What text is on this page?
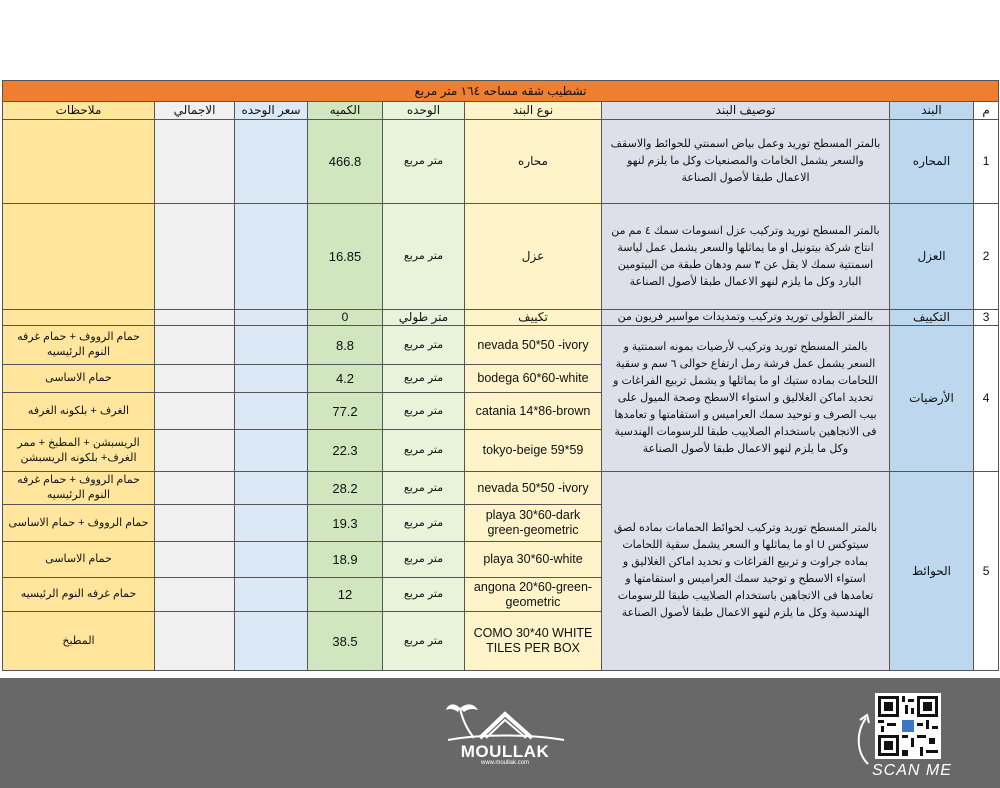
تشطيب شقه مساحه ١٦٤ متر مربع								
ملاحظات	الاجمالي	سعر الوحده	الكميه	الوحده	نوع البند	توصيف البند	البند	م
			466.8	متر مربع	محاره	بالمتر المسطح توريد وعمل بياض اسمنتي للحوائط والاسقف والسعر يشمل الخامات والمصنعيات وكل ما يلزم لنهو الاعمال طبقا لأصول الصناعة	المحاره	1
			16.85	متر مربع	عزل	بالمتر المسطح توريد وتركيب عزل انسومات سمك ٤ مم من انتاج شركة بيتونيل او ما يماثلها والسعر يشمل عمل لياسة اسمنتية سمك لا يقل عن ٣ سم ودهان طبقة من البيتومين البارد وكل ما يلزم لنهو الاعمال طبقا لأصول الصناعة	العزل	2
			0	متر طولي	تكييف	بالمتر الطولى توريد وتركيب وتمديدات مواسير فريون من	التكييف	3
حمام الرووف + حمام غرفه النوم الرئيسيه			8.8	متر مربع	nevada 50*50 -ivory	بالمتر المسطح توريد وتركيب لأرضيات بمونه اسمنتية و السعر يشمل عمل فرشة رمل ارتفاع حوالى ٦ سم و سقية اللحامات بماده ستيك او ما يماثلها و يشمل تربيع الفراغات و تحديد اماكن الغلاليق و استواء الاسطح وصحة الميول على بيب الصرف و توحيد سمك العراميس و استقامتها و تعامدها فى الاتجاهين باستخدام الصلاييب طبقا للرسومات الهندسية وكل ما يلزم لنهو الاعمال طبقا لأصول الصناعة	الأرضيات	4
حمام الاساسى			4.2	متر مربع	bodega 60*60-white			
الغرف + بلكونه الغرفه			77.2	متر مربع	catania 14*86-brown			
الريسبشن + المطبخ + ممر الغرف+ بلكونه الريسبشن			22.3	متر مربع	tokyo-beige 59*59			
حمام الرووف + حمام غرفه النوم الرئيسيه			28.2	متر مربع	nevada 50*50 -ivory	بالمتر المسطح توريد وتركيب لحوائط الحمامات بماده لصق سيتوكس U او ما يماثلها و السعر يشمل سقية اللحامات بماده جراوت و تربيع الفراغات و تحديد اماكن الغلاليق و استواء الاسطح و توحيد سمك العراميس و استقامتها و تعامدها فى الاتجاهين باستخدام الصلاييب طبقا للرسومات الهندسية وكل ما يلزم لنهو الاعمال طبقا لأصول الصناعة	الحوائط	5
حمام الرووف + حمام الاساسى			19.3	متر مربع	playa 30*60-dark green-geometric			
حمام الاساسى			18.9	متر مربع	playa 30*60-white			
حمام غرفه النوم الرئيسيه			12	متر مربع	angona 20*60-green-geometric			
المطبخ			38.5	متر مربع	COMO 30*40 WHITE TILES PER BOX			
MOULLAK
www.moullak.com	SCAN ME
